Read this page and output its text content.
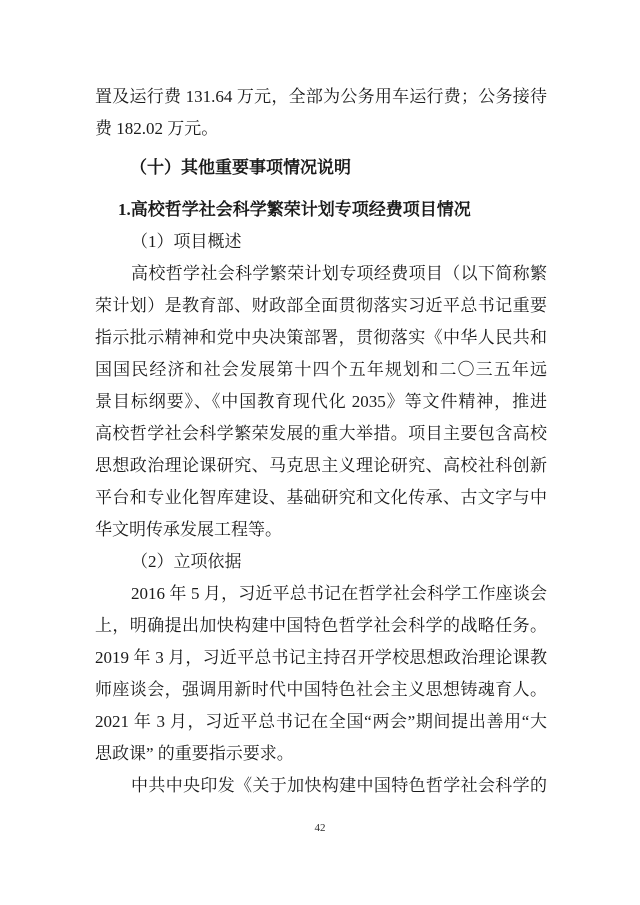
置及运行费 131.64 万元，全部为公务用车运行费；公务接待
费 182.02 万元。
（十）其他重要事项情况说明
1.高校哲学社会科学繁荣计划专项经费项目情况
（1）项目概述
高校哲学社会科学繁荣计划专项经费项目（以下简称繁
荣计划）是教育部、财政部全面贯彻落实习近平总书记重要
指示批示精神和党中央决策部署，贯彻落实《中华人民共和
国国民经济和社会发展第十四个五年规划和二〇三五年远
景目标纲要》、《中国教育现代化 2035》等文件精神，推进
高校哲学社会科学繁荣发展的重大举措。项目主要包含高校
思想政治理论课研究、马克思主义理论研究、高校社科创新
平台和专业化智库建设、基础研究和文化传承、古文字与中
华文明传承发展工程等。
（2）立项依据
2016 年 5 月，习近平总书记在哲学社会科学工作座谈会
上，明确提出加快构建中国特色哲学社会科学的战略任务。
2019 年 3 月，习近平总书记主持召开学校思想政治理论课教
师座谈会，强调用新时代中国特色社会主义思想铸魂育人。
2021 年 3 月，习近平总书记在全国“两会”期间提出善用“大
思政课” 的重要指示要求。
中共中央印发《关于加快构建中国特色哲学社会科学的
42
